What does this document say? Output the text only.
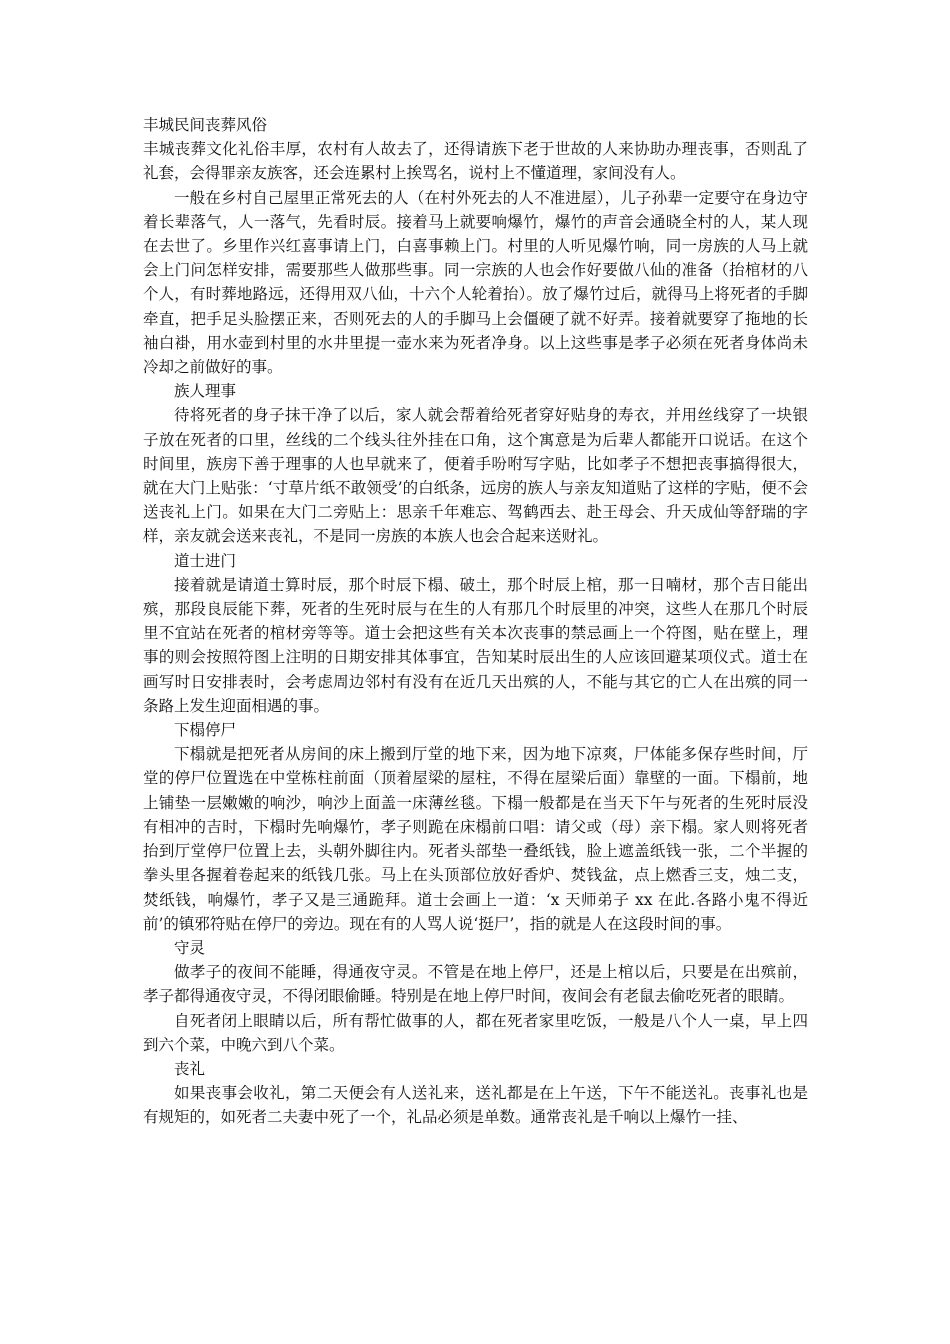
丰城民间丧葬风俗

丰城丧葬文化礼俗丰厚，农村有人故去了，还得请族下老于世故的人来协助办理丧事，否则乱了礼套，会得罪亲友族客，还会连累村上挨骂名，说村上不懂道理，家间没有人。

一般在乡村自己屋里正常死去的人（在村外死去的人不准进屋），儿子孙辈一定要守在身边守着长辈落气，人一落气，先看时辰。接着马上就要响爆竹，爆竹的声音会通晓全村的人，某人现在去世了。乡里作兴红喜事请上门，白喜事赖上门。村里的人听见爆竹响，同一房族的人马上就会上门问怎样安排，需要那些人做那些事。同一宗族的人也会作好要做八仙的准备（抬棺材的八个人，有时葬地路远，还得用双八仙，十六个人轮着抬）。放了爆竹过后，就得马上将死者的手脚牵直，把手足头脸摆正来，否则死去的人的手脚马上会僵硬了就不好弄。接着就要穿了拖地的长袖白褂，用水壶到村里的水井里提一壶水来为死者净身。以上这些事是孝子必须在死者身体尚未冷却之前做好的事。

族人理事

待将死者的身子抹干净了以后，家人就会帮着给死者穿好贴身的寿衣，并用丝线穿了一块银子放在死者的口里，丝线的二个线头往外挂在口角，这个寓意是为后辈人都能开口说话。在这个时间里，族房下善于理事的人也早就来了，便着手吩咐写字贴，比如孝子不想把丧事搞得很大，就在大门上贴张：‘寸草片纸不敢领受’的白纸条，远房的族人与亲友知道贴了这样的字贴，便不会送丧礼上门。如果在大门二旁贴上：思亲千年难忘、驾鹤西去、赴王母会、升天成仙等舒瑞的字样，亲友就会送来丧礼，不是同一房族的本族人也会合起来送财礼。

道士进门

接着就是请道士算时辰，那个时辰下榻、破土，那个时辰上棺，那一日喃材，那个吉日能出殡，那段良辰能下葬，死者的生死时辰与在生的人有那几个时辰里的冲突，这些人在那几个时辰里不宜站在死者的棺材旁等等。道士会把这些有关本次丧事的禁忌画上一个符图，贴在壁上，理事的则会按照符图上注明的日期安排其体事宜，告知某时辰出生的人应该回避某项仪式。道士在画写时日安排表时，会考虑周边邻村有没有在近几天出殡的人，不能与其它的亡人在出殡的同一条路上发生迎面相遇的事。

下榻停尸

下榻就是把死者从房间的床上搬到厅堂的地下来，因为地下凉爽，尸体能多保存些时间，厅堂的停尸位置选在中堂栋柱前面（顶着屋梁的屋柱，不得在屋梁后面）靠壁的一面。下榻前，地上铺垫一层嫩嫩的响沙，响沙上面盖一床薄丝毯。下榻一般都是在当天下午与死者的生死时辰没有相冲的吉时，下榻时先响爆竹，孝子则跪在床榻前口唱：请父或（母）亲下榻。家人则将死者抬到厅堂停尸位置上去，头朝外脚往内。死者头部垫一叠纸钱，脸上遮盖纸钱一张，二个半握的拳头里各握着卷起来的纸钱几张。马上在头顶部位放好香炉、焚钱盆，点上燃香三支，烛二支，焚纸钱，响爆竹，孝子又是三通跪拜。道士会画上一道：‘x 天师弟子 xx 在此.各路小鬼不得近前’的镇邪符贴在停尸的旁边。现在有的人骂人说‘挺尸’，指的就是人在这段时间的事。

守灵

做孝子的夜间不能睡，得通夜守灵。不管是在地上停尸，还是上棺以后，只要是在出殡前，孝子都得通夜守灵，不得闭眼偷睡。特别是在地上停尸时间，夜间会有老鼠去偷吃死者的眼睛。

自死者闭上眼睛以后，所有帮忙做事的人，都在死者家里吃饭，一般是八个人一桌，早上四到六个菜，中晚六到八个菜。

丧礼

如果丧事会收礼，第二天便会有人送礼来，送礼都是在上午送，下午不能送礼。丧事礼也是有规矩的，如死者二夫妻中死了一个，礼品必须是单数。通常丧礼是千响以上爆竹一挂、
